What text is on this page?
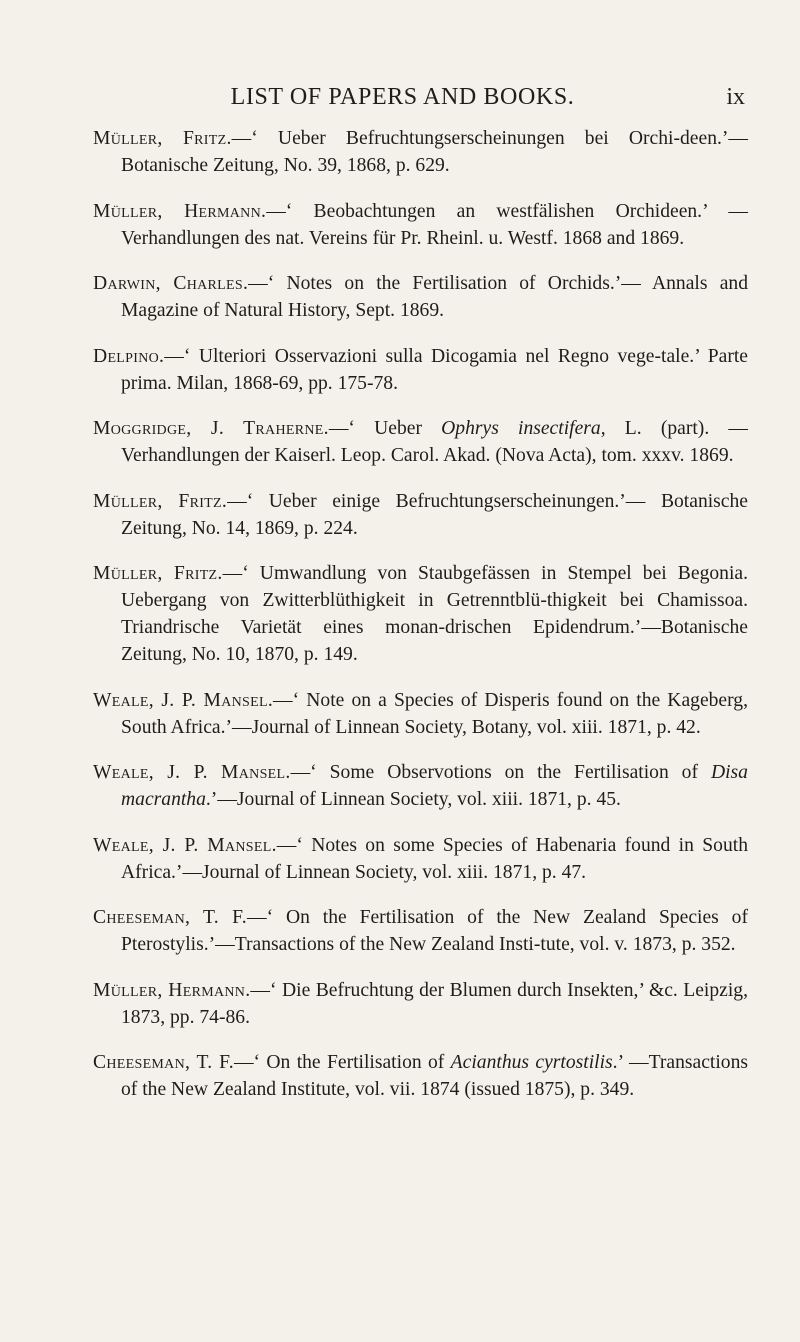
LIST OF PAPERS AND BOOKS.	ix

Müller, Fritz.—‘ Ueber Befruchtungserscheinungen bei Orchi-deen.’—Botanische Zeitung, No. 39, 1868, p. 629.

Müller, Hermann.—‘ Beobachtungen an westfälishen Orchideen.’ —Verhandlungen des nat. Vereins für Pr. Rheinl. u. Westf. 1868 and 1869.

Darwin, Charles.—‘ Notes on the Fertilisation of Orchids.’— Annals and Magazine of Natural History, Sept. 1869.

Delpino.—‘ Ulteriori Osservazioni sulla Dicogamia nel Regno vege-tale.’ Parte prima. Milan, 1868-69, pp. 175-78.

Moggridge, J. Traherne.—‘ Ueber Ophrys insectifera, L. (part). —Verhandlungen der Kaiserl. Leop. Carol. Akad. (Nova Acta), tom. xxxv. 1869.

Müller, Fritz.—‘ Ueber einige Befruchtungserscheinungen.’— Botanische Zeitung, No. 14, 1869, p. 224.

Müller, Fritz.—‘ Umwandlung von Staubgefässen in Stempel bei Begonia. Uebergang von Zwitterblüthigkeit in Getrenntblü-thigkeit bei Chamissoa. Triandrische Varietät eines monan-drischen Epidendrum.’—Botanische Zeitung, No. 10, 1870, p. 149.

Weale, J. P. Mansel.—‘ Note on a Species of Disperis found on the Kageberg, South Africa.’—Journal of Linnean Society, Botany, vol. xiii. 1871, p. 42.

Weale, J. P. Mansel.—‘ Some Observotions on the Fertilisation of Disa macrantha.’—Journal of Linnean Society, vol. xiii. 1871, p. 45.

Weale, J. P. Mansel.—‘ Notes on some Species of Habenaria found in South Africa.’—Journal of Linnean Society, vol. xiii. 1871, p. 47.

Cheeseman, T. F.—‘ On the Fertilisation of the New Zealand Species of Pterostylis.’—Transactions of the New Zealand Insti-tute, vol. v. 1873, p. 352.

Müller, Hermann.—‘ Die Befruchtung der Blumen durch Insekten,’ &c. Leipzig, 1873, pp. 74-86.

Cheeseman, T. F.—‘ On the Fertilisation of Acianthus cyrtostilis.’ —Transactions of the New Zealand Institute, vol. vii. 1874 (issued 1875), p. 349.
